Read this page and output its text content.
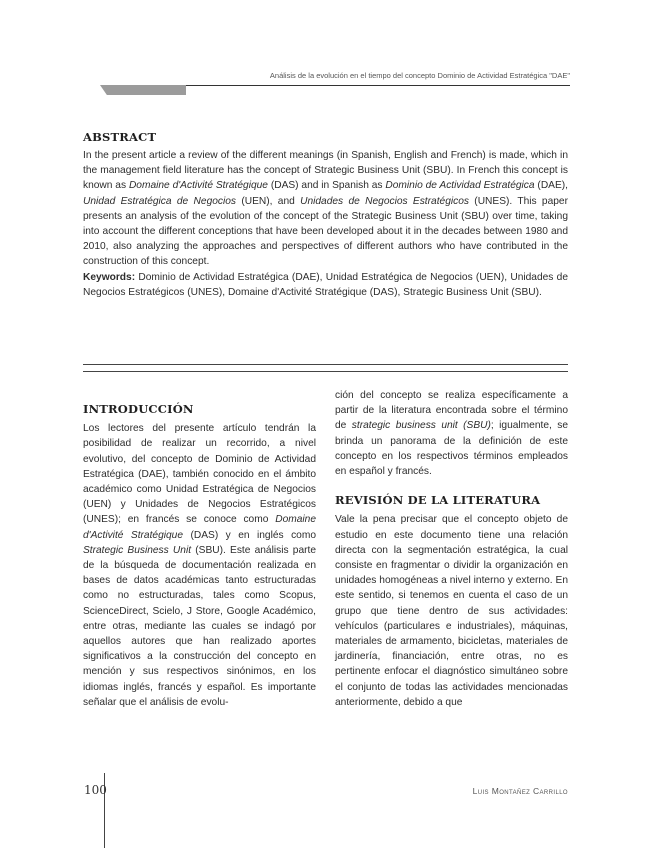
Análisis de la evolución en el tiempo del concepto Dominio de Actividad Estratégica "DAE"
ABSTRACT

In the present article a review of the different meanings (in Spanish, English and French) is made, which in the management field literature has the concept of Strategic Business Unit (SBU). In French this concept is known as Domaine d'Activité Stratégique (DAS) and in Spanish as Dominio de Actividad Estratégica (DAE), Unidad Estratégica de Negocios (UEN), and Unidades de Negocios Estratégicos (UNES). This paper presents an analysis of the evolution of the concept of the Strategic Business Unit (SBU) over time, taking into account the different conceptions that have been developed about it in the decades between 1980 and 2010, also analyzing the approaches and perspectives of different authors who have contributed in the construction of this concept.

Keywords: Dominio de Actividad Estratégica (DAE), Unidad Estratégica de Negocios (UEN), Unidades de Negocios Estratégicos (UNES), Domaine d'Activité Stratégique (DAS), Strategic Business Unit (SBU).

INTRODUCCIÓN

Los lectores del presente artículo tendrán la posibilidad de realizar un recorrido, a nivel evolutivo, del concepto de Dominio de Actividad Estratégica (DAE), también conocido en el ámbito académico como Unidad Estratégica de Negocios (UEN) y Unidades de Negocios Estratégicos (UNES); en francés se conoce como Domaine d'Activité Stratégique (DAS) y en inglés como Strategic Business Unit (SBU). Este análisis parte de la búsqueda de documentación realizada en bases de datos académicas tanto estructuradas como no estructuradas, tales como Scopus, ScienceDirect, Scielo, J Store, Google Académico, entre otras, mediante las cuales se indagó por aquellos autores que han realizado aportes significativos a la construcción del concepto en mención y sus respectivos sinónimos, en los idiomas inglés, francés y español. Es importante señalar que el análisis de evolu-

ción del concepto se realiza específicamente a partir de la literatura encontrada sobre el término de strategic business unit (SBU); igualmente, se brinda un panorama de la definición de este concepto en los respectivos términos empleados en español y francés.

REVISIÓN DE LA LITERATURA

Vale la pena precisar que el concepto objeto de estudio en este documento tiene una relación directa con la segmentación estratégica, la cual consiste en fragmentar o dividir la organización en unidades homogéneas a nivel interno y externo. En este sentido, si tenemos en cuenta el caso de un grupo que tiene dentro de sus actividades: vehículos (particulares e industriales), máquinas, materiales de armamento, bicicletas, materiales de jardinería, financiación, entre otras, no es pertinente enfocar el diagnóstico simultáneo sobre el conjunto de todas las actividades mencionadas anteriormente, debido a que

100	Luis Montañez Carrillo
